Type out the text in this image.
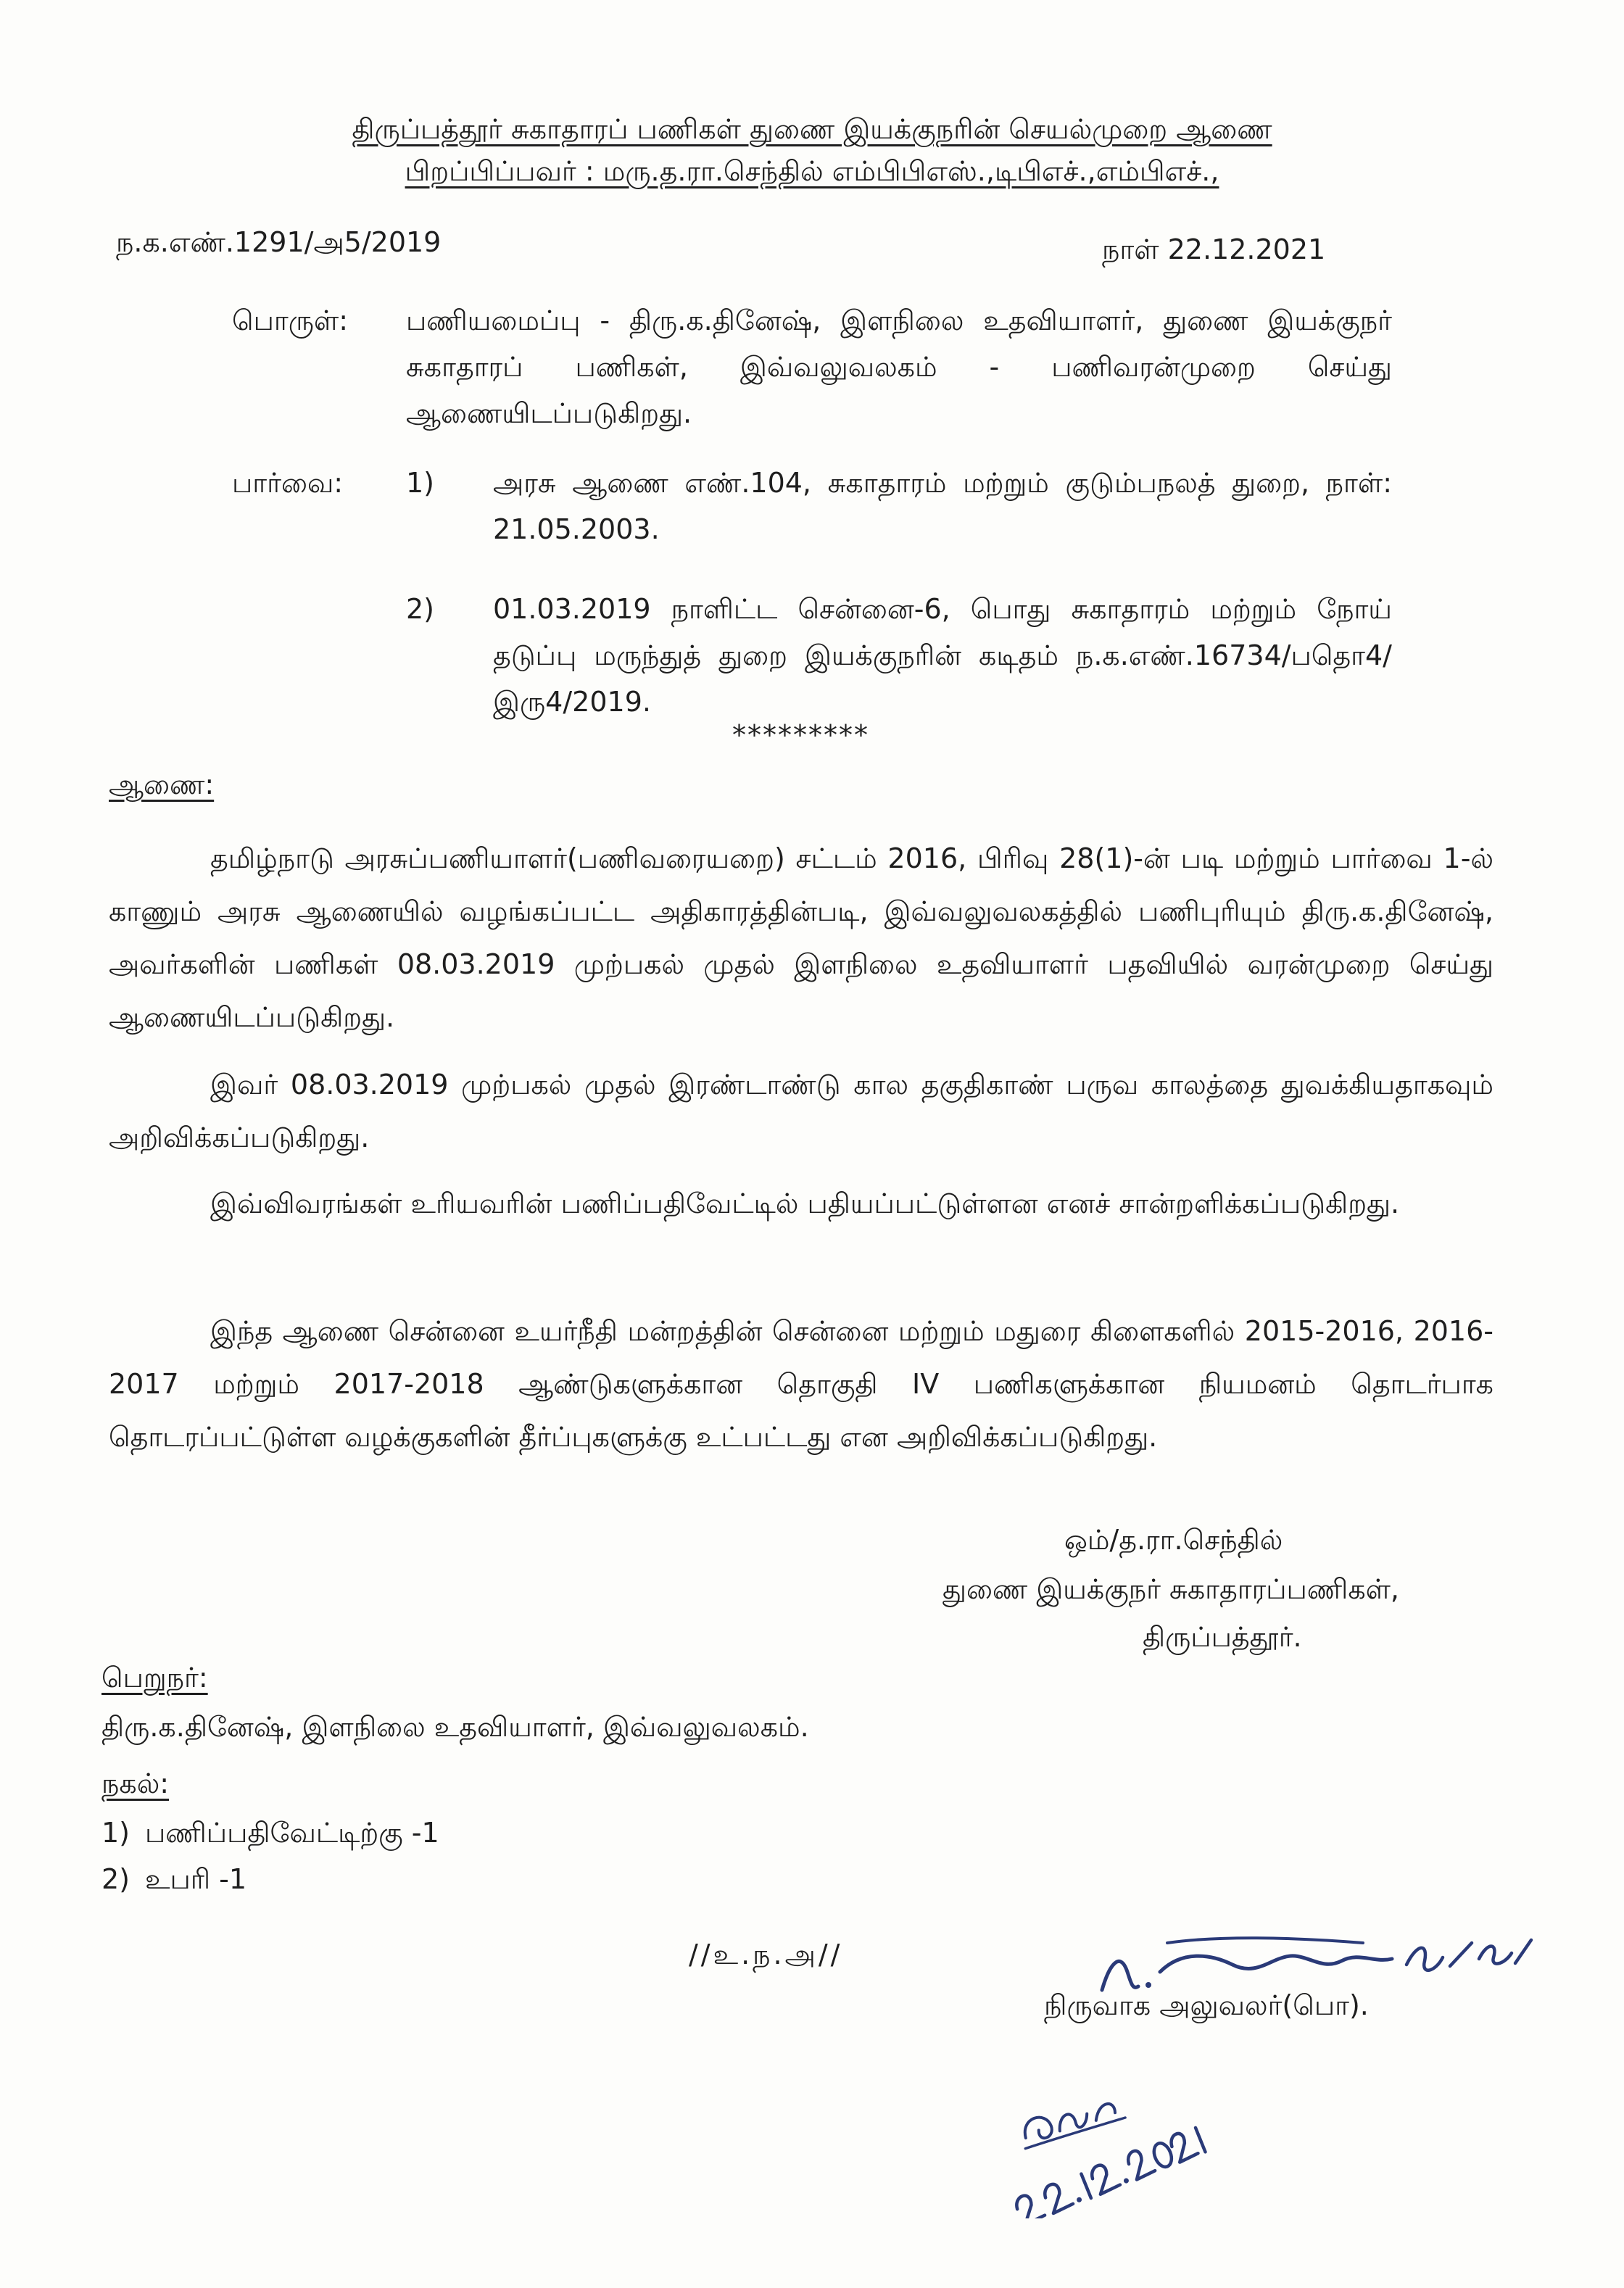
திருப்பத்தூர் சுகாதாரப் பணிகள் துணை இயக்குநரின் செயல்முறை ஆணை
பிறப்பிப்பவர் : மரு.த.ரா.செந்தில் எம்பிபிஎஸ்.,டிபிஎச்.,எம்பிஎச்.,
ந.க.எண்.1291/அ5/2019	நாள் 22.12.2021
பொருள்: பணியமைப்பு - திரு.க.தினேஷ், இளநிலை உதவியாளர், துணை இயக்குநர் சுகாதாரப் பணிகள், இவ்வலுவலகம் - பணிவரன்முறை செய்து ஆணையிடப்படுகிறது.
பார்வை: 1) அரசு ஆணை எண்.104, சுகாதாரம் மற்றும் குடும்பநலத் துறை, நாள்: 21.05.2003.
2) 01.03.2019 நாளிட்ட சென்னை-6, பொது சுகாதாரம் மற்றும் நோய் தடுப்பு மருந்துத் துறை இயக்குநரின் கடிதம் ந.க.எண்.16734/பதொ4/இரு4/2019.
*********
ஆணை:
தமிழ்நாடு அரசுப்பணியாளர்(பணிவரையறை) சட்டம் 2016, பிரிவு 28(1)-ன் படி மற்றும் பார்வை 1-ல் காணும் அரசு ஆணையில் வழங்கப்பட்ட அதிகாரத்தின்படி, இவ்வலுவலகத்தில் பணிபுரியும் திரு.க.தினேஷ், அவர்களின் பணிகள் 08.03.2019 முற்பகல் முதல் இளநிலை உதவியாளர் பதவியில் வரன்முறை செய்து ஆணையிடப்படுகிறது.
இவர் 08.03.2019 முற்பகல் முதல் இரண்டாண்டு கால தகுதிகாண் பருவ காலத்தை துவக்கியதாகவும் அறிவிக்கப்படுகிறது.
இவ்விவரங்கள் உரியவரின் பணிப்பதிவேட்டில் பதியப்பட்டுள்ளன எனச் சான்றளிக்கப்படுகிறது.
இந்த ஆணை சென்னை உயர்நீதி மன்றத்தின் சென்னை மற்றும் மதுரை கிளைகளில் 2015-2016, 2016-2017 மற்றும் 2017-2018 ஆண்டுகளுக்கான தொகுதி IV பணிகளுக்கான நியமனம் தொடர்பாக தொடரப்பட்டுள்ள வழக்குகளின் தீர்ப்புகளுக்கு உட்பட்டது என அறிவிக்கப்படுகிறது.
ஒம்/த.ரா.செந்தில்
துணை இயக்குநர் சுகாதாரப்பணிகள்,
திருப்பத்தூர்.
பெறுநர்:
திரு.க.தினேஷ், இளநிலை உதவியாளர், இவ்வலுவலகம்.
நகல்:
1) பணிப்பதிவேட்டிற்கு -1
2) உபரி -1
//உ.ந.அ//
நிருவாக அலுவலர்(பொ).
